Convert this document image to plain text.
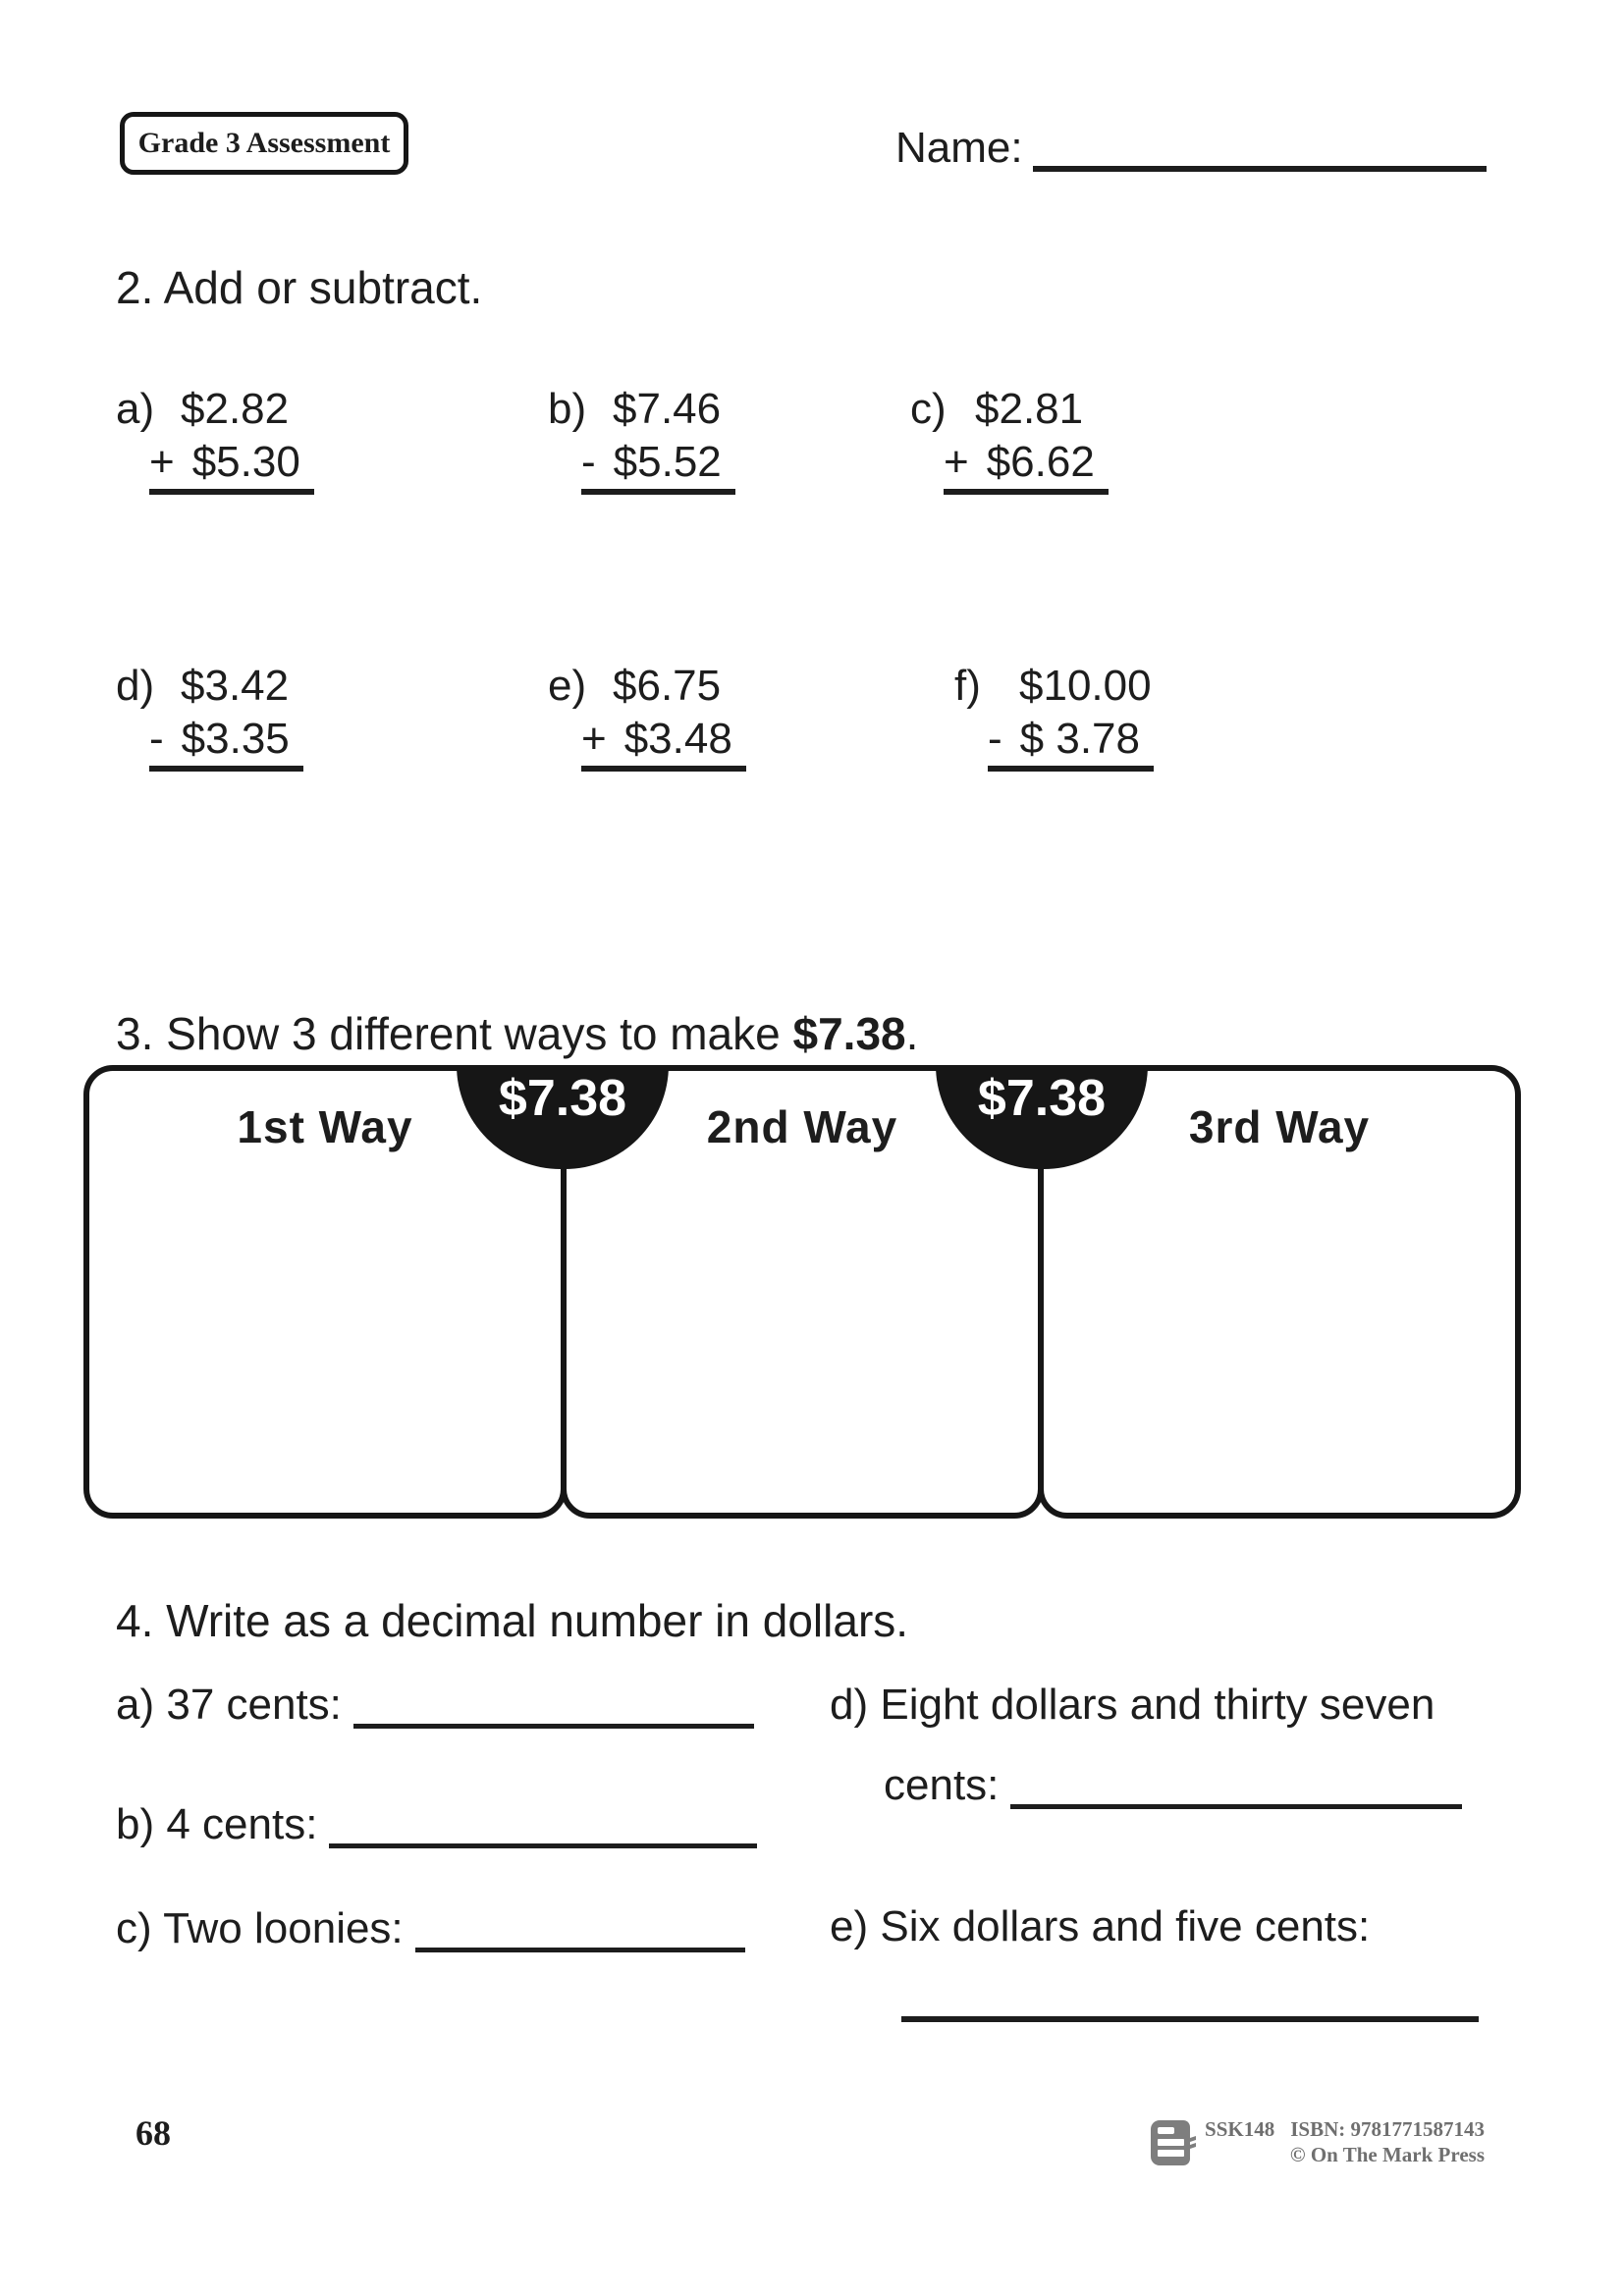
Grade 3 Assessment	Name:
2. Add or subtract.
a) $2.82
+ $5.30
b) $7.46
- $5.52
c) $2.81
+ $6.62
d) $3.42
- $3.35
e) $6.75
+ $3.48
f) $10.00
- $ 3.78
3. Show 3 different ways to make $7.38.
1st Way	2nd Way	3rd Way
$7.38	$7.38
4. Write as a decimal number in dollars.
a) 37 cents:
b) 4 cents:
c) Two loonies:
d) Eight dollars and thirty seven
cents:
e) Six dollars and five cents:
68	SSK148 ISBN: 9781771587143
© On The Mark Press
